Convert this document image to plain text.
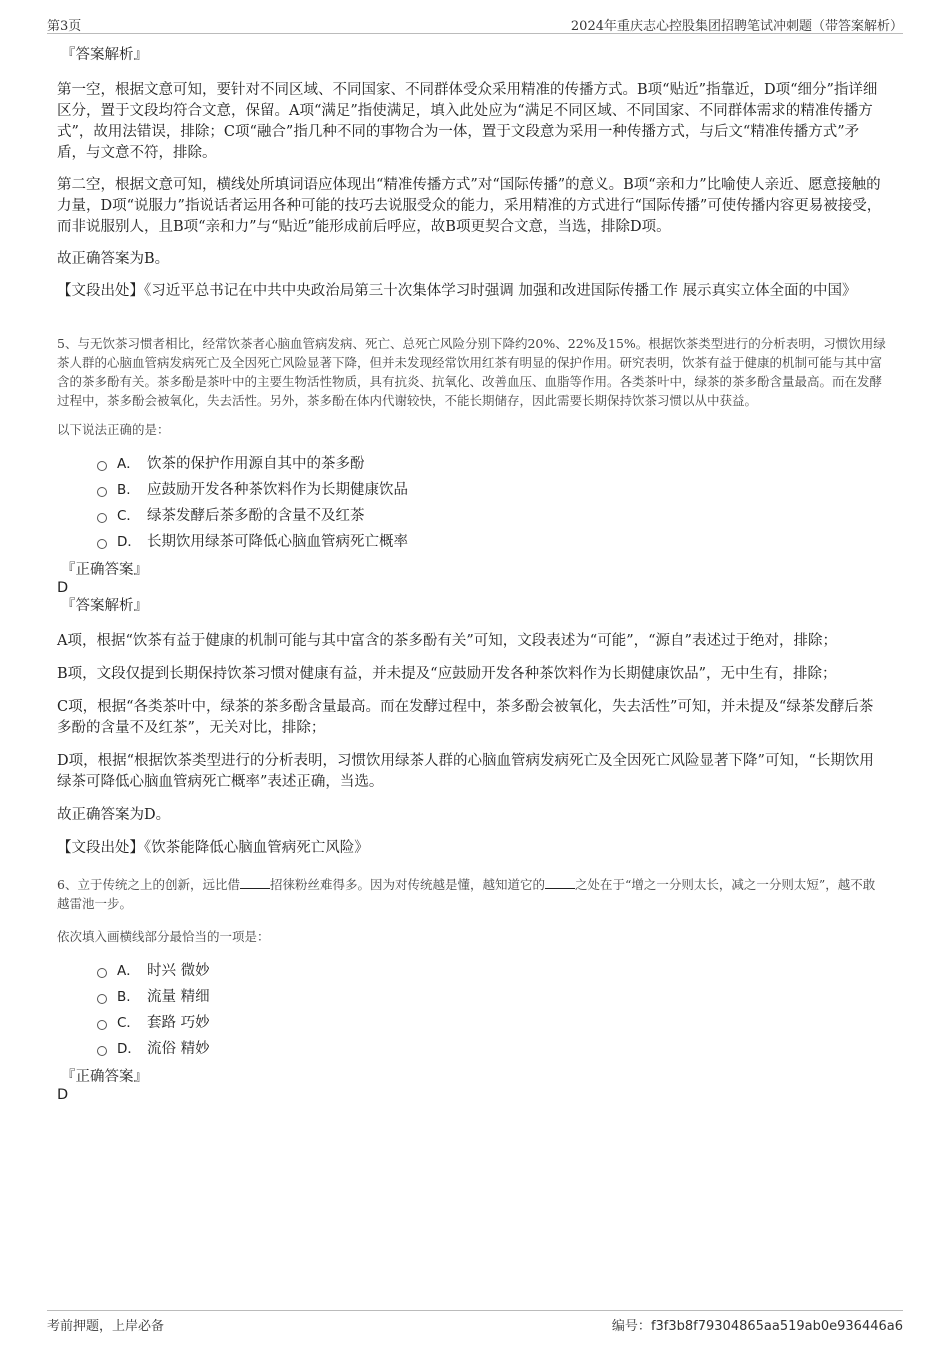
第3页	2024年重庆志心控股集团招聘笔试冲刺题（带答案解析）

『答案解析』

第一空，根据文意可知，要针对不同区域、不同国家、不同群体受众采用精准的传播方式。B项“贴近”指靠近，D项“细分”指详细区分，置于文段均符合文意，保留。A项“满足”指使满足，填入此处应为“满足不同区域、不同国家、不同群体需求的精准传播方式”，故用法错误，排除；C项“融合”指几种不同的事物合为一体，置于文段意为采用一种传播方式，与后文“精准传播方式”矛盾，与文意不符，排除。

第二空，根据文意可知，横线处所填词语应体现出“精准传播方式”对“国际传播”的意义。B项“亲和力”比喻使人亲近、愿意接触的力量，D项“说服力”指说话者运用各种可能的技巧去说服受众的能力，采用精准的方式进行“国际传播”可使传播内容更易被接受，而非说服别人，且B项“亲和力”与“贴近”能形成前后呼应，故B项更契合文意，当选，排除D项。

故正确答案为B。

【文段出处】《习近平总书记在中共中央政治局第三十次集体学习时强调 加强和改进国际传播工作 展示真实立体全面的中国》

5、与无饮茶习惯者相比，经常饮茶者心脑血管病发病、死亡、总死亡风险分别下降约20%、22%及15%。根据饮茶类型进行的分析表明，习惯饮用绿茶人群的心脑血管病发病死亡及全因死亡风险显著下降，但并未发现经常饮用红茶有明显的保护作用。研究表明，饮茶有益于健康的机制可能与其中富含的茶多酚有关。茶多酚是茶叶中的主要生物活性物质，具有抗炎、抗氧化、改善血压、血脂等作用。各类茶叶中，绿茶的茶多酚含量最高。而在发酵过程中，茶多酚会被氧化，失去活性。另外，茶多酚在体内代谢较快，不能长期储存，因此需要长期保持饮茶习惯以从中获益。

以下说法正确的是：

A． 饮茶的保护作用源自其中的茶多酚
B.	应鼓励开发各种茶饮料作为长期健康饮品
C． 绿茶发酵后茶多酚的含量不及红茶
D． 长期饮用绿茶可降低心脑血管病死亡概率

『正确答案』

D

『答案解析』

A项，根据“饮茶有益于健康的机制可能与其中富含的茶多酚有关”可知，文段表述为“可能”，“源自”表述过于绝对，排除；

B项，文段仅提到长期保持饮茶习惯对健康有益，并未提及“应鼓励开发各种茶饮料作为长期健康饮品”，无中生有，排除；

C项，根据“各类茶叶中，绿茶的茶多酚含量最高。而在发酵过程中，茶多酚会被氧化，失去活性”可知，并未提及“绿茶发酵后茶多酚的含量不及红茶”，无关对比，排除；

D项，根据“根据饮茶类型进行的分析表明，习惯饮用绿茶人群的心脑血管病发病死亡及全因死亡风险显著下降”可知，“长期饮用绿茶可降低心脑血管病死亡概率”表述正确，当选。

故正确答案为D。

【文段出处】《饮茶能降低心脑血管病死亡风险》

6、立于传统之上的创新，远比借 招徕粉丝难得多。因为对传统越是懂，越知道它的 之处在于“增之一分则太长，减之一分则太短”，越不敢越雷池一步。

依次填入画横线部分最恰当的一项是：

A． 时兴 微妙
B.	流量 精细
C． 套路 巧妙
D． 流俗 精妙

『正确答案』

D

考前押题，上岸必备	编号：f3f3b8f79304865aa519ab0e936446a6
